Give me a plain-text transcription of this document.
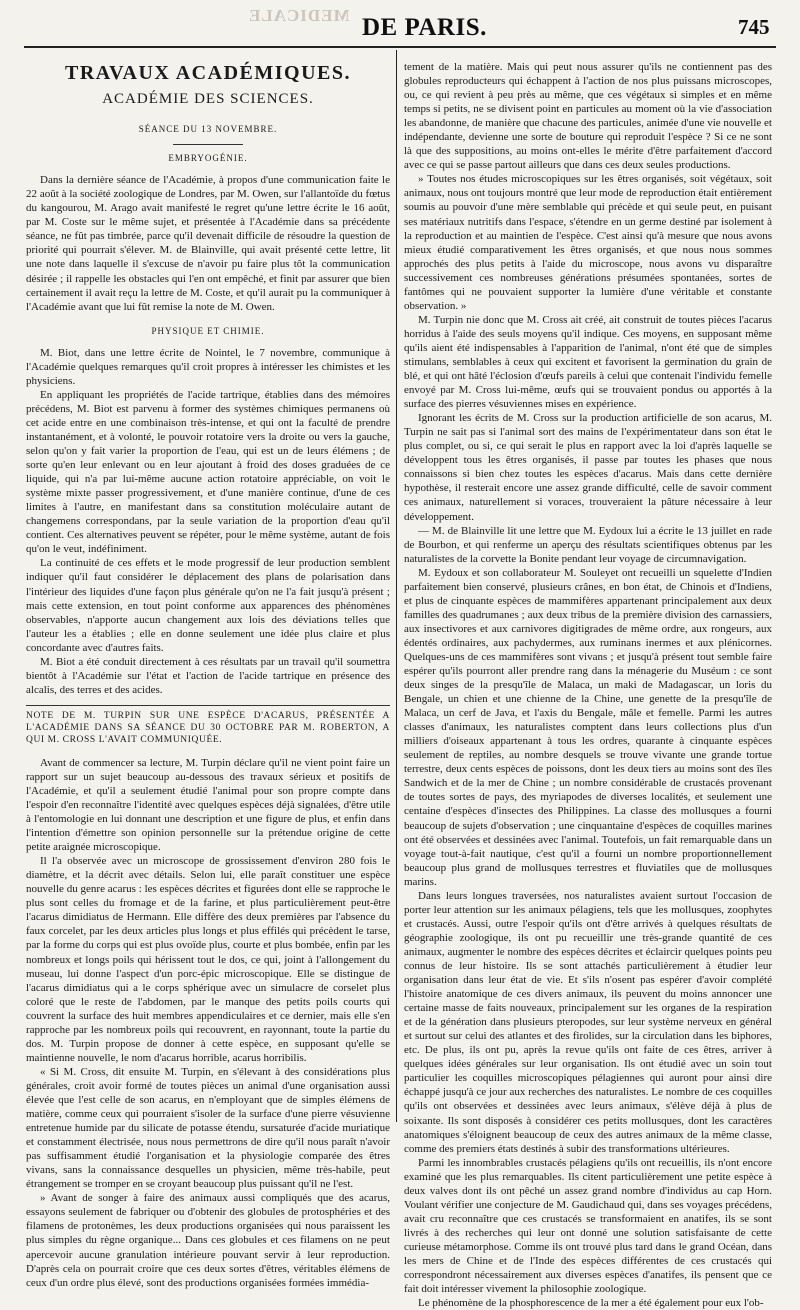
MEDICALE DE PARIS.	745
TRAVAUX ACADÉMIQUES.
ACADÉMIE DES SCIENCES.
SÉANCE DU 13 NOVEMBRE.
EMBRYOGÉNIE.

Dans la dernière séance de l'Académie, à propos d'une communication faite le 22 août à la société zoologique de Londres, par M. Owen, sur l'allantoïde du fœtus du kangourou, M. Arago avait manifesté le regret qu'une lettre écrite le 16 août, par M. Coste sur le même sujet, et présentée à l'Académie dans sa précédente séance, ne fût pas timbrée, parce qu'il devenait difficile de résoudre la question de priorité qui pourrait s'élever. M. de Blainville, qui avait présenté cette lettre, lit une note dans laquelle il s'excuse de n'avoir pu faire plus tôt la communication désirée ; il rappelle les obstacles qui l'en ont empêché, et finit par assurer que bien certainement il avait reçu la lettre de M. Coste, et qu'il aurait pu la communiquer à l'Académie avant que lui fût remise la note de M. Owen.

PHYSIQUE ET CHIMIE.

M. Biot, dans une lettre écrite de Nointel, le 7 novembre, communique à l'Académie quelques remarques qu'il croit propres à intéresser les chimistes et les physiciens.

En appliquant les propriétés de l'acide tartrique, établies dans des mémoires précédens, M. Biot est parvenu à former des systèmes chimiques permanens où cet acide entre en une combinaison très-intense, et qui ont la faculté de prendre instantanément, et à volonté, le pouvoir rotatoire vers la droite ou vers la gauche, selon qu'on y fait varier la proportion de l'eau, qui est un de leurs élémens ; de sorte qu'en leur enlevant ou en leur ajoutant à froid des doses graduées de ce liquide, qui n'a par lui-même aucune action rotatoire appréciable, on voit le système mixte passer progressivement, et d'une manière continue, d'une de ces limites à l'autre, en manifestant dans sa constitution moléculaire autant de changemens correspondans, par la seule variation de la proportion d'eau qu'il contient. Ces alternatives peuvent se répéter, pour le même système, autant de fois qu'on le veut, indéfiniment.

La continuité de ces effets et le mode progressif de leur production semblent indiquer qu'il faut considérer le déplacement des plans de polarisation dans l'intérieur des liquides d'une façon plus générale qu'on ne l'a fait jusqu'à présent ; mais cette extension, en tout point conforme aux apparences des phénomènes observables, n'apporte aucun changement aux lois des déviations telles que l'auteur les a établies ; elle en donne seulement une idée plus claire et plus concordante avec d'autres faits.

M. Biot a été conduit directement à ces résultats par un travail qu'il soumettra bientôt à l'Académie sur l'état et l'action de l'acide tartrique en présence des alcalis, des terres et des acides.

NOTE DE M. TURPIN SUR UNE ESPÈCE D'ACARUS, PRÉSENTÉE A L'ACADÉMIE DANS SA SÉANCE DU 30 OCTOBRE PAR M. ROBERTON, A QUI M. CROSS L'AVAIT COMMUNIQUÉE.

Avant de commencer sa lecture, M. Turpin déclare qu'il ne vient point faire un rapport sur un sujet beaucoup au-dessous des travaux sérieux et positifs de l'Académie, et qu'il a seulement étudié l'animal pour son propre compte dans l'espoir d'en reconnaître l'identité avec quelques espèces déjà signalées, d'être utile à l'entomologie en lui donnant une description et une figure de plus, et enfin dans l'intention d'émettre son opinion personnelle sur la prétendue origine de cette petite araignée microscopique.

Il l'a observée avec un microscope de grossissement d'environ 280 fois le diamètre, et la décrit avec détails. Selon lui, elle paraît constituer une espèce nouvelle du genre acarus : les espèces décrites et figurées dont elle se rapproche le plus sont celles du fromage et de la farine, et plus particulièrement peut-être l'acarus dimidiatus de Hermann. Elle diffère des deux premières par l'absence du faux corcelet, par les deux articles plus longs et plus effilés qui précèdent le tarse, par la forme du corps qui est plus ovoïde plus, courte et plus bombée, enfin par les nombreux et longs poils qui hérissent tout le dos, ce qui, joint à l'allongement du museau, lui donne l'aspect d'un porc-épic microscopique. Elle se distingue de l'acarus dimidiatus qui a le corps sphérique avec un simulacre de corselet plus coloré que le reste de l'abdomen, par le manque des petits poils courts qui couvrent la surface des huit membres appendiculaires et ce dernier, mais elle s'en rapproche par les nombreux poils qui recouvrent, en rayonnant, toute la partie du dos. M. Turpin propose de donner à cette espèce, en supposant qu'elle se maintienne nouvelle, le nom d'acarus horrible, acarus horribilis.

« Si M. Cross, dit ensuite M. Turpin, en s'élevant à des considérations plus générales, croit avoir formé de toutes pièces un animal d'une organisation aussi élevée que l'est celle de son acarus, en n'employant que de simples élémens de matière, comme ceux qui pourraient s'isoler de la surface d'une pierre vésuvienne entretenue humide par du silicate de potasse étendu, sursaturée d'acide muriatique et constamment électrisée, nous nous permettrons de dire qu'il nous paraît n'avoir pas suffisamment étudié l'organisation et la physiologie comparée des êtres vivans, sans la connaissance desquelles un physicien, même très-habile, peut étrangement se tromper en se croyant beaucoup plus puissant qu'il ne l'est.

» Avant de songer à faire des animaux aussi compliqués que des acarus, essayons seulement de fabriquer ou d'obtenir des globules de protosphéries et des filamens de protonèmes, les deux productions organisées qui nous paraissent les plus simples du règne organique... Dans ces globules et ces filamens on ne peut apercevoir aucune granulation intérieure pouvant servir à leur reproduction. D'après cela on pourrait croire que ces deux sortes d'êtres, véritables élémens de ceux d'un ordre plus élevé, sont des productions organisées formées immédia-

tement de la matière. Mais qui peut nous assurer qu'ils ne contiennent pas des globules reproducteurs qui échappent à l'action de nos plus puissans microscopes, ou, ce qui revient à peu près au même, que ces végétaux si simples et en même temps si petits, ne se divisent point en particules au moment où la vie d'association les abandonne, de manière que chacune des particules, animée d'une vie nouvelle et indépendante, devienne une sorte de bouture qui reproduit l'espèce ? Si ce ne sont là que des suppositions, au moins ont-elles le mérite d'être parfaitement d'accord avec ce qui se passe partout ailleurs que dans ces deux seules productions.

» Toutes nos études microscopiques sur les êtres organisés, soit végétaux, soit animaux, nous ont toujours montré que leur mode de reproduction était entièrement soumis au pouvoir d'une mère semblable qui précède et qui seule peut, en puisant ses matériaux nutritifs dans l'espace, s'étendre en un germe destiné par isolement à la reproduction et au maintien de l'espèce. C'est ainsi qu'à mesure que nous avons mieux étudié comparativement les êtres organisés, et que nous nous sommes approchés des plus petits à l'aide du microscope, nous avons vu disparaître successivement ces nombreuses générations présumées spontanées, sortes de fantômes qui ne pouvaient supporter la lumière d'une véritable et constante observation. »

M. Turpin nie donc que M. Cross ait créé, ait construit de toutes pièces l'acarus horridus à l'aide des seuls moyens qu'il indique. Ces moyens, en supposant même qu'ils aient été indispensables à l'apparition de l'animal, n'ont été que de simples stimulans, semblables à ceux qui excitent et favorisent la germination du grain de blé, et qui ont hâté l'éclosion d'œufs pareils à celui que contenait l'individu femelle envoyé par M. Cross lui-même, œufs qui se trouvaient pondus ou apportés à la surface des pierres vésuviennes mises en expérience.

Ignorant les écrits de M. Cross sur la production artificielle de son acarus, M. Turpin ne sait pas si l'animal sort des mains de l'expérimentateur dans son état le plus complet, ou si, ce qui serait le plus en rapport avec la loi d'après laquelle se développent tous les êtres organisés, il passe par toutes les phases que nous connaissons si bien chez toutes les espèces d'acarus. Mais dans cette dernière hypothèse, il resterait encore une assez grande difficulté, celle de savoir comment ces animaux, naturellement si voraces, trouveraient la pâture nécessaire à leur développement.

— M. de Blainville lit une lettre que M. Eydoux lui a écrite le 13 juillet en rade de Bourbon, et qui renferme un aperçu des résultats scientifiques obtenus par les naturalistes de la corvette la Bonite pendant leur voyage de circumnavigation.

M. Eydoux et son collaborateur M. Souleyet ont recueilli un squelette d'Indien parfaitement bien conservé, plusieurs crânes, en bon état, de Chinois et d'Indiens, et plus de cinquante espèces de mammifères appartenant principalement aux deux familles des quadrumanes ; aux deux tribus de la première division des carnassiers, aux insectivores et aux carnivores digitigrades de même ordre, aux rongeurs, aux édentés ordinaires, aux pachydermes, aux ruminans inermes et aux plénicornes. Quelques-uns de ces mammifères sont vivans ; et jusqu'à présent tout semble faire espérer qu'ils pourront aller prendre rang dans la ménagerie du Muséum : ce sont deux singes de la presqu'île de Malaca, un maki de Madagascar, un loris du Bengale, un chien et une chienne de la Chine, une genette de la presqu'île de Malaca, un cerf de Java, et l'axis du Bengale, mâle et femelle. Parmi les autres classes d'animaux, les naturalistes comptent dans leurs collections plus d'un milliers d'oiseaux appartenant à tous les ordres, quarante à cinquante espèces seulement de reptiles, au nombre desquels se trouve vivante une grande tortue terrestre, deux cents espèces de poissons, dont les deux tiers au moins sont des îles Sandwich et de la mer de Chine ; un nombre considérable de crustacés provenant de toutes sortes de pays, des myriapodes de diverses localités, et seulement une centaine d'espèces d'insectes des Philippines. La classe des mollusques a fourni beaucoup de sujets d'observation ; une cinquantaine d'espèces de coquilles marines ont été observées et dessinées avec l'animal. Toutefois, un fait remarquable dans un voyage tout-à-fait nautique, c'est qu'il a fourni un nombre proportionnellement beaucoup plus grand de mollusques terrestres et fluviatiles que de mollusques marins.

Dans leurs longues traversées, nos naturalistes avaient surtout l'occasion de porter leur attention sur les animaux pélagiens, tels que les mollusques, zoophytes et crustacés. Aussi, outre l'espoir qu'ils ont d'être arrivés à quelques résultats de géographie zoologique, ils ont pu recueillir une très-grande quantité de ces animaux, augmenter le nombre des espèces décrites et éclaircir quelques points peu connus de leur histoire. Ils se sont attachés particulièrement à étudier leur organisation dans leur état de vie. Et s'ils n'osent pas espérer d'avoir complété l'histoire anatomique de ces divers animaux, ils peuvent du moins annoncer une certaine masse de faits nouveaux, principalement sur les organes de la respiration et de la génération dans plusieurs pteropodes, sur leur système nerveux en général et surtout sur celui des atlantes et des firolides, sur la circulation dans les biphores, etc. De plus, ils ont pu, après la revue qu'ils ont faite de ces êtres, arriver à quelques idées générales sur leur organisation. Ils ont étudié avec un soin tout particulier les coquilles microscopiques pélagiennes qui auront pour ainsi dire échappé jusqu'à ce jour aux recherches des naturalistes. Le nombre de ces coquilles qu'ils ont observées et dessinées avec leurs animaux, s'élève déjà à plus de soixante. Ils sont disposés à considérer ces petits mollusques, dont les caractères anatomiques s'éloignent beaucoup de ceux des autres animaux de la même classe, comme des premiers états destinés à subir des transformations ultérieures.

Parmi les innombrables crustacés pélagiens qu'ils ont recueillis, ils n'ont encore examiné que les plus remarquables. Ils citent particulièrement une petite espèce à deux valves dont ils ont pêché un assez grand nombre d'individus au cap Horn. Voulant vérifier une conjecture de M. Gaudichaud qui, dans ses voyages précédens, avait cru reconnaître que ces crustacés se transformaient en anatifes, ils se sont livrés à des recherches qui leur ont donné une solution satisfaisante de cette curieuse métamorphose. Comme ils ont trouvé plus tard dans le grand Océan, dans les mers de Chine et de l'Inde des espèces différentes de ces crustacés qui correspondront nécessairement aux diverses espèces d'anatifes, ils pensent que ce fait doit intéresser vivement la philosophie zoologique.

Le phénomène de la phosphorescence de la mer a été également pour eux l'ob-
